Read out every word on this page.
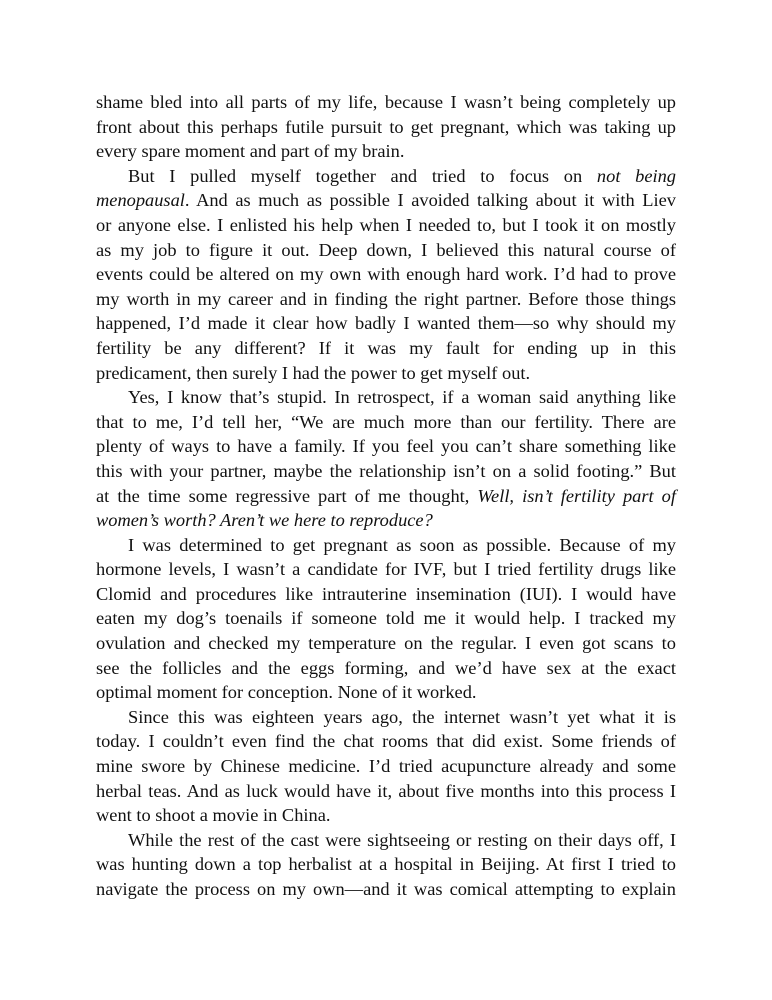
shame bled into all parts of my life, because I wasn’t being completely up
front about this perhaps futile pursuit to get pregnant, which was taking up
every spare moment and part of my brain.
But I pulled myself together and tried to focus on not being
menopausal. And as much as possible I avoided talking about it with Liev
or anyone else. I enlisted his help when I needed to, but I took it on mostly
as my job to figure it out. Deep down, I believed this natural course of
events could be altered on my own with enough hard work. I’d had to prove
my worth in my career and in finding the right partner. Before those things
happened, I’d made it clear how badly I wanted them—so why should my
fertility be any different? If it was my fault for ending up in this
predicament, then surely I had the power to get myself out.
Yes, I know that’s stupid. In retrospect, if a woman said anything like
that to me, I’d tell her, “We are much more than our fertility. There are
plenty of ways to have a family. If you feel you can’t share something like
this with your partner, maybe the relationship isn’t on a solid footing.” But
at the time some regressive part of me thought, Well, isn’t fertility part of
women’s worth? Aren’t we here to reproduce?
I was determined to get pregnant as soon as possible. Because of my
hormone levels, I wasn’t a candidate for IVF, but I tried fertility drugs like
Clomid and procedures like intrauterine insemination (IUI). I would have
eaten my dog’s toenails if someone told me it would help. I tracked my
ovulation and checked my temperature on the regular. I even got scans to
see the follicles and the eggs forming, and we’d have sex at the exact
optimal moment for conception. None of it worked.
Since this was eighteen years ago, the internet wasn’t yet what it is
today. I couldn’t even find the chat rooms that did exist. Some friends of
mine swore by Chinese medicine. I’d tried acupuncture already and some
herbal teas. And as luck would have it, about five months into this process I
went to shoot a movie in China.
While the rest of the cast were sightseeing or resting on their days off, I
was hunting down a top herbalist at a hospital in Beijing. At first I tried to
navigate the process on my own—and it was comical attempting to explain
